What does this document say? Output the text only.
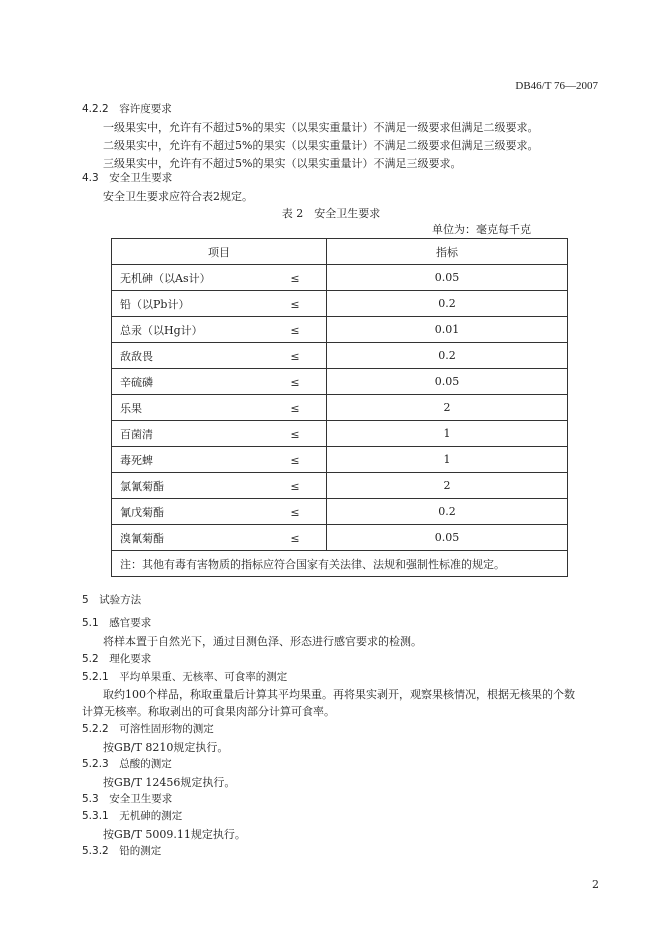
DB46/T 76—2007
4.2.2　容许度要求
一级果实中，允许有不超过5%的果实（以果实重量计）不满足一级要求但满足二级要求。
二级果实中，允许有不超过5%的果实（以果实重量计）不满足二级要求但满足三级要求。
三级果实中，允许有不超过5%的果实（以果实重量计）不满足三级要求。
4.3　安全卫生要求
安全卫生要求应符合表2规定。
表 2　安全卫生要求
单位为：毫克每千克
项目	指标
无机砷（以As计） ≤	0.05
铅（以Pb计） ≤	0.2
总汞（以Hg计） ≤	0.01
敌敌畏 ≤	0.2
辛硫磷 ≤	0.05
乐果 ≤	2
百菌清 ≤	1
毒死蜱 ≤	1
氯氰菊酯 ≤	2
氰戊菊酯 ≤	0.2
溴氰菊酯 ≤	0.05
注：其他有毒有害物质的指标应符合国家有关法律、法规和强制性标准的规定。	
5　试验方法
5.1　感官要求
将样本置于自然光下，通过目测色泽、形态进行感官要求的检测。
5.2　理化要求
5.2.1　平均单果重、无核率、可食率的测定
取约100个样品，称取重量后计算其平均果重。再将果实剥开，观察果核情况，根据无核果的个数
计算无核率。称取剥出的可食果肉部分计算可食率。
5.2.2　可溶性固形物的测定
按GB/T 8210规定执行。
5.2.3　总酸的测定
按GB/T 12456规定执行。
5.3　安全卫生要求
5.3.1　无机砷的测定
按GB/T 5009.11规定执行。
5.3.2　铅的测定
2
